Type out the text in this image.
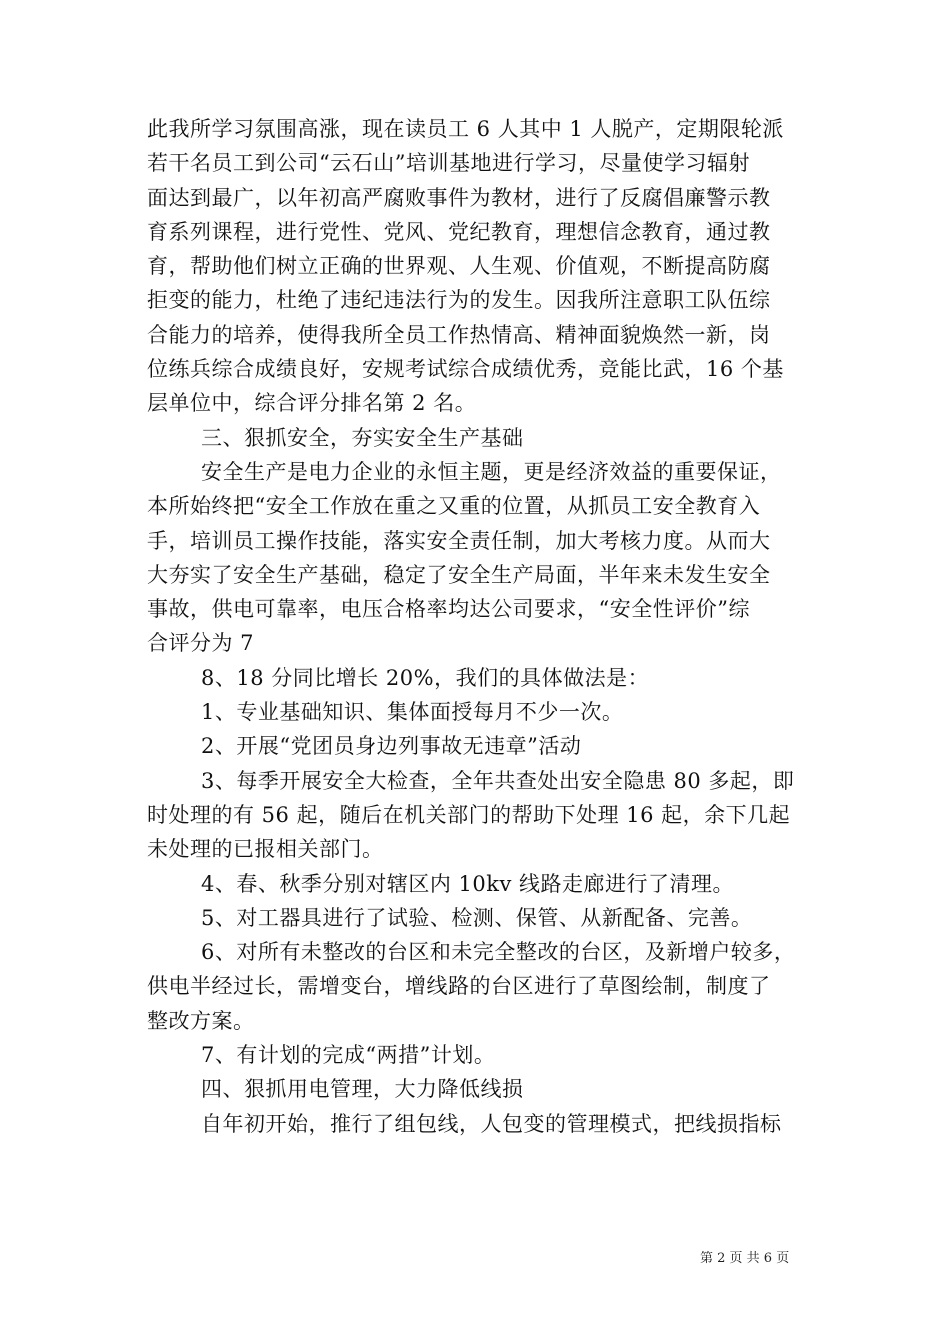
此我所学习氛围高涨，现在读员工 6 人其中 1 人脱产，定期限轮派
若干名员工到公司“云石山”培训基地进行学习，尽量使学习辐射
面达到最广，以年初高严腐败事件为教材，进行了反腐倡廉警示教
育系列课程，进行党性、党风、党纪教育，理想信念教育，通过教
育，帮助他们树立正确的世界观、人生观、价值观，不断提高防腐
拒变的能力，杜绝了违纪违法行为的发生。因我所注意职工队伍综
合能力的培养，使得我所全员工作热情高、精神面貌焕然一新，岗
位练兵综合成绩良好，安规考试综合成绩优秀，竞能比武，16 个基
层单位中，综合评分排名第 2 名。
三、狠抓安全，夯实安全生产基础
安全生产是电力企业的永恒主题，更是经济效益的重要保证，
本所始终把“安全工作放在重之又重的位置，从抓员工安全教育入
手，培训员工操作技能，落实安全责任制，加大考核力度。从而大
大夯实了安全生产基础，稳定了安全生产局面，半年来未发生安全
事故，供电可靠率，电压合格率均达公司要求，“安全性评价”综
合评分为 7
8、18 分同比增长 20%，我们的具体做法是：
1、专业基础知识、集体面授每月不少一次。
2、开展“党团员身边列事故无违章”活动
3、每季开展安全大检查，全年共查处出安全隐患 80 多起，即
时处理的有 56 起，随后在机关部门的帮助下处理 16 起，余下几起
未处理的已报相关部门。
4、春、秋季分别对辖区内 10kv 线路走廊进行了清理。
5、对工器具进行了试验、检测、保管、从新配备、完善。
6、对所有未整改的台区和未完全整改的台区，及新增户较多，
供电半经过长，需增变台，增线路的台区进行了草图绘制，制度了
整改方案。
7、有计划的完成“两措”计划。
四、狠抓用电管理，大力降低线损
自年初开始，推行了组包线，人包变的管理模式，把线损指标
第 2 页 共 6 页
